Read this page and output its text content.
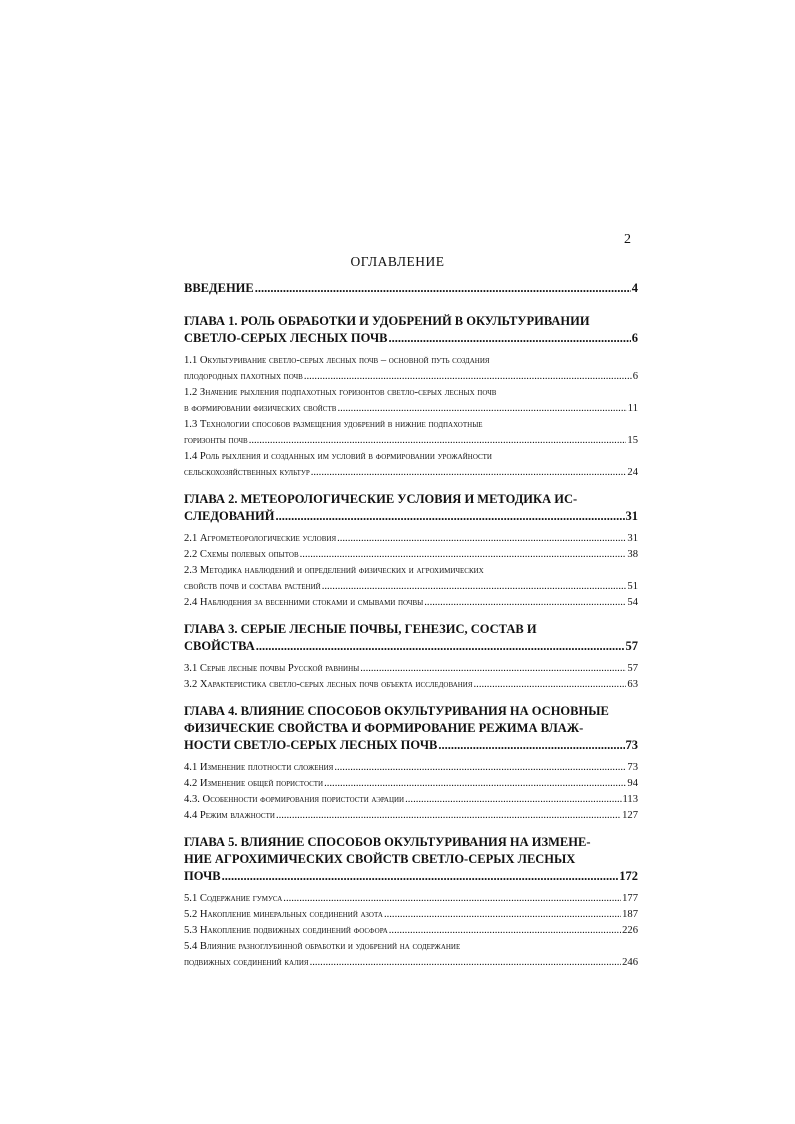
2
ОГЛАВЛЕНИЕ
ВВЕДЕНИЕ .....	4
ГЛАВА 1. РОЛЬ ОБРАБОТКИ И УДОБРЕНИЙ В ОКУЛЬТУРИВАНИИ
СВЕТЛО-СЕРЫХ ЛЕСНЫХ ПОЧВ .....	6
1.1 Окультуривание светло-серых лесных почв – основной путь создания
плодородных пахотных почв .....	6
1.2 Значение рыхления подпахотных горизонтов светло-серых лесных почв
в формировании физических свойств .....	11
1.3 Технологии способов размещения удобрений в нижние подпахотные
горизонты почв .....	15
1.4 Роль рыхления и созданных им условий в формировании урожайности
сельскохозяйственных культур .....	24
ГЛАВА 2. МЕТЕОРОЛОГИЧЕСКИЕ УСЛОВИЯ И МЕТОДИКА ИС-
СЛЕДОВАНИЙ .....	31
2.1 Агрометеорологические условия .....	31
2.2 Схемы полевых опытов .....	38
2.3 Методика наблюдений и определений физических и агрохимических
свойств почв и состава растений .....	51
2.4 Наблюдения за весенними стоками и смывами почвы .....	54
ГЛАВА 3. СЕРЫЕ ЛЕСНЫЕ ПОЧВЫ, ГЕНЕЗИС, СОСТАВ И
СВОЙСТВА .....	57
3.1 Серые лесные почвы Русской равнины .....	57
3.2 Характеристика светло-серых лесных почв объекта исследования .....	63
ГЛАВА 4. ВЛИЯНИЕ СПОСОБОВ ОКУЛЬТУРИВАНИЯ НА ОСНОВНЫЕ
ФИЗИЧЕСКИЕ СВОЙСТВА И ФОРМИРОВАНИЕ РЕЖИМА ВЛАЖ-
НОСТИ СВЕТЛО-СЕРЫХ ЛЕСНЫХ ПОЧВ .....	73
4.1 Изменение плотности сложения .....	73
4.2 Изменение общей пористости .....	94
4.3. Особенности формирования пористости аэрации .....	113
4.4 Режим влажности .....	127
ГЛАВА 5. ВЛИЯНИЕ СПОСОБОВ ОКУЛЬТУРИВАНИЯ НА ИЗМЕНЕ-
НИЕ АГРОХИМИЧЕСКИХ СВОЙСТВ СВЕТЛО-СЕРЫХ ЛЕСНЫХ
ПОЧВ .....	172
5.1 Содержание гумуса .....	177
5.2 Накопление минеральных соединений азота .....	187
5.3 Накопление подвижных соединений фосфора .....	226
5.4 Влияние разноглубинной обработки и удобрений на содержание
подвижных соединений калия .....	246
